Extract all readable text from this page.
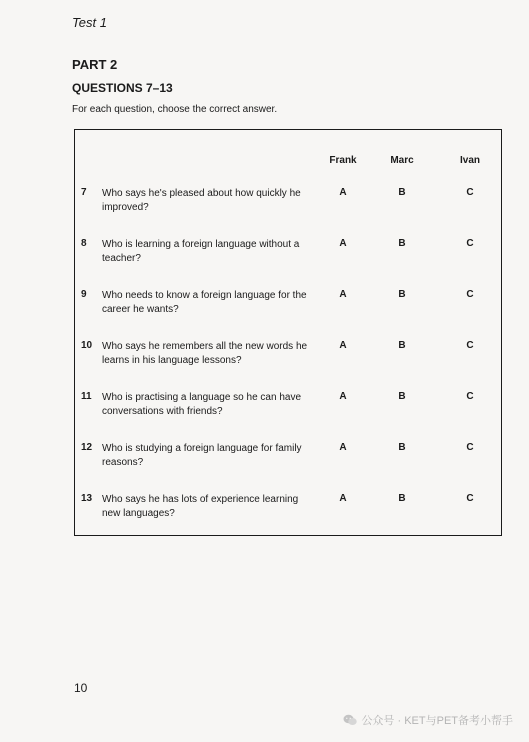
Test 1
PART 2
QUESTIONS 7–13
For each question, choose the correct answer.
Frank	Marc	Ivan
7 Who says he's pleased about how quickly he improved?
A	B	C
8 Who is learning a foreign language without a teacher?
A	B	C
9 Who needs to know a foreign language for the career he wants?
A	B	C
10 Who says he remembers all the new words he learns in his language lessons?
A	B	C
11 Who is practising a language so he can have conversations with friends?
A	B	C
12 Who is studying a foreign language for family reasons?
A	B	C
13 Who says he has lots of experience learning new languages?
A	B	C
10
公众号 · KET与PET备考小帮手
